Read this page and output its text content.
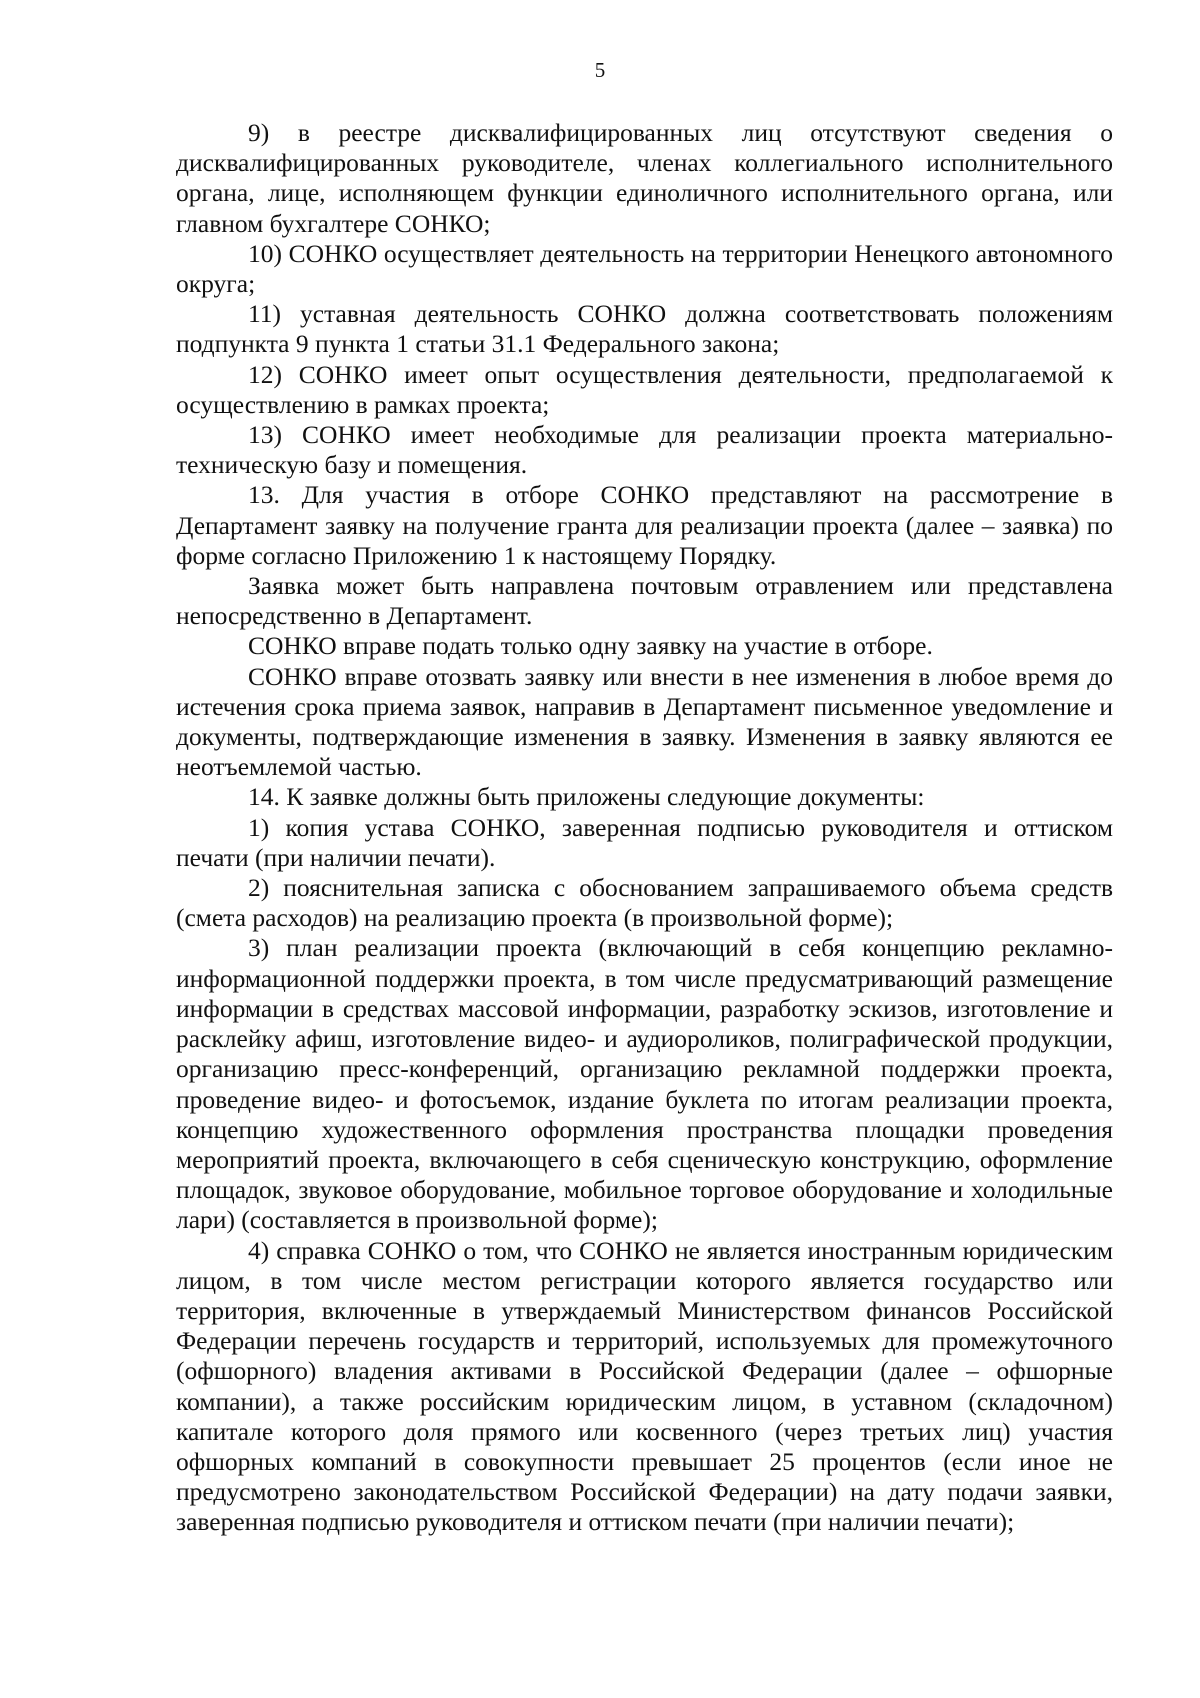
5

9) в реестре дисквалифицированных лиц отсутствуют сведения о дисквалифицированных руководителе, членах коллегиального исполнительного органа, лице, исполняющем функции единоличного исполнительного органа, или главном бухгалтере СОНКО;

10) СОНКО осуществляет деятельность на территории Ненецкого автономного округа;

11) уставная деятельность СОНКО должна соответствовать положениям подпункта 9 пункта 1 статьи 31.1 Федерального закона;

12) СОНКО имеет опыт осуществления деятельности, предполагаемой к осуществлению в рамках проекта;

13) СОНКО имеет необходимые для реализации проекта материально-техническую базу и помещения.

13. Для участия в отборе СОНКО представляют на рассмотрение в Департамент заявку на получение гранта для реализации проекта (далее – заявка) по форме согласно Приложению 1 к настоящему Порядку.

Заявка может быть направлена почтовым отравлением или представлена непосредственно в Департамент.

СОНКО вправе подать только одну заявку на участие в отборе.

СОНКО вправе отозвать заявку или внести в нее изменения в любое время до истечения срока приема заявок, направив в Департамент письменное уведомление и документы, подтверждающие изменения в заявку. Изменения в заявку являются ее неотъемлемой частью.

14. К заявке должны быть приложены следующие документы:

1) копия устава СОНКО, заверенная подписью руководителя и оттиском печати (при наличии печати).

2) пояснительная записка с обоснованием запрашиваемого объема средств (смета расходов) на реализацию проекта (в произвольной форме);

3) план реализации проекта (включающий в себя концепцию рекламно-информационной поддержки проекта, в том числе предусматривающий размещение информации в средствах массовой информации, разработку эскизов, изготовление и расклейку афиш, изготовление видео- и аудиороликов, полиграфической продукции, организацию пресс-конференций, организацию рекламной поддержки проекта, проведение видео- и фотосъемок, издание буклета по итогам реализации проекта, концепцию художественного оформления пространства площадки проведения мероприятий проекта, включающего в себя сценическую конструкцию, оформление площадок, звуковое оборудование, мобильное торговое оборудование и холодильные лари) (составляется в произвольной форме);

4) справка СОНКО о том, что СОНКО не является иностранным юридическим лицом, в том числе местом регистрации которого является государство или территория, включенные в утверждаемый Министерством финансов Российской Федерации перечень государств и территорий, используемых для промежуточного (офшорного) владения активами в Российской Федерации (далее – офшорные компании), а также российским юридическим лицом, в уставном (складочном) капитале которого доля прямого или косвенного (через третьих лиц) участия офшорных компаний в совокупности превышает 25 процентов (если иное не предусмотрено законодательством Российской Федерации) на дату подачи заявки, заверенная подписью руководителя и оттиском печати (при наличии печати);
